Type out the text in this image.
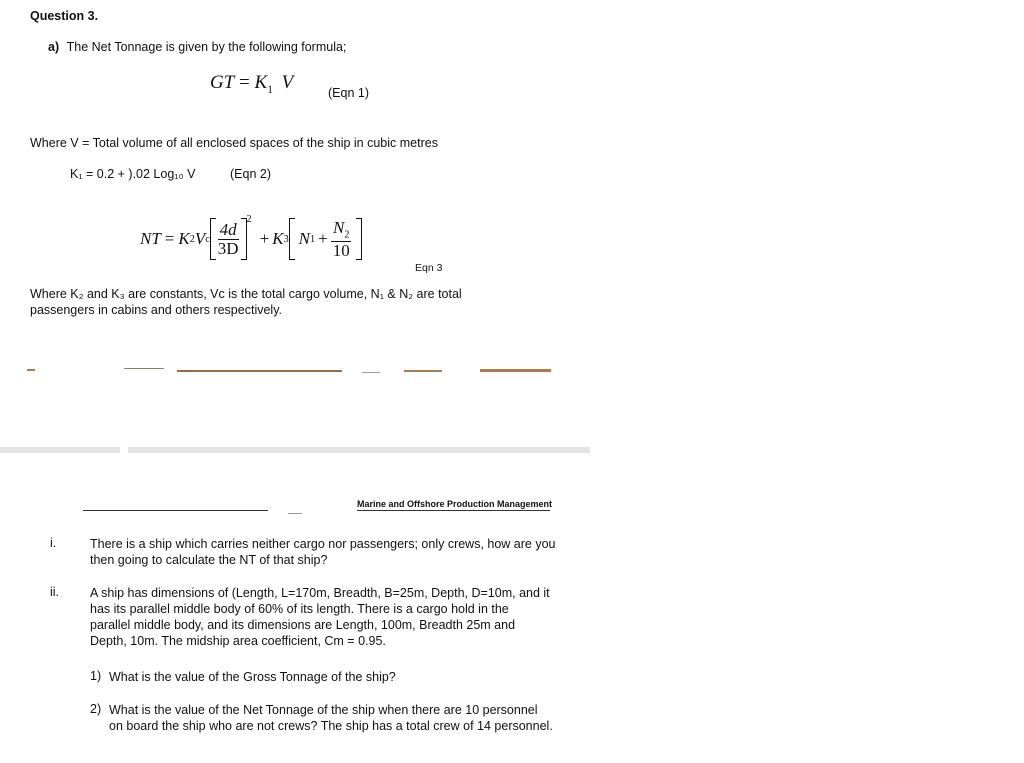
Question 3.
a) The Net Tonnage is given by the following formula;
GT = $K_1$ V	(Eqn 1)
Where V = Total volume of all enclosed spaces of the ship in cubic metres
K₁ = 0.2 + ).02 Log₁₀ V	(Eqn 2)
NT = K 2 V c $\frac{4d}{3D}$
$^2$
+ K 3 N $1 + \frac{N_2}{10}$
Eqn 3
Where K₂ and K₃ are constants, Vᴄ is the total cargo volume, N₁ & N₂ are total passengers in cabins and others respectively.
Marine and Offshore Production Management
i.	There is a ship which carries neither cargo nor passengers; only crews, how are you then going to calculate the NT of that ship?
ii. A ship has dimensions of (Length, L=170m, Breadth, B=25m, Depth, D=10m, and it has its parallel middle body of 60% of its length. There is a cargo hold in the parallel middle body, and its dimensions are Length, 100m, Breadth 25m and Depth, 10m. The midship area coefficient, Cm = 0.95.
1) What is the value of the Gross Tonnage of the ship?
2) What is the value of the Net Tonnage of the ship when there are 10 personnel on board the ship who are not crews? The ship has a total crew of 14 personnel.
